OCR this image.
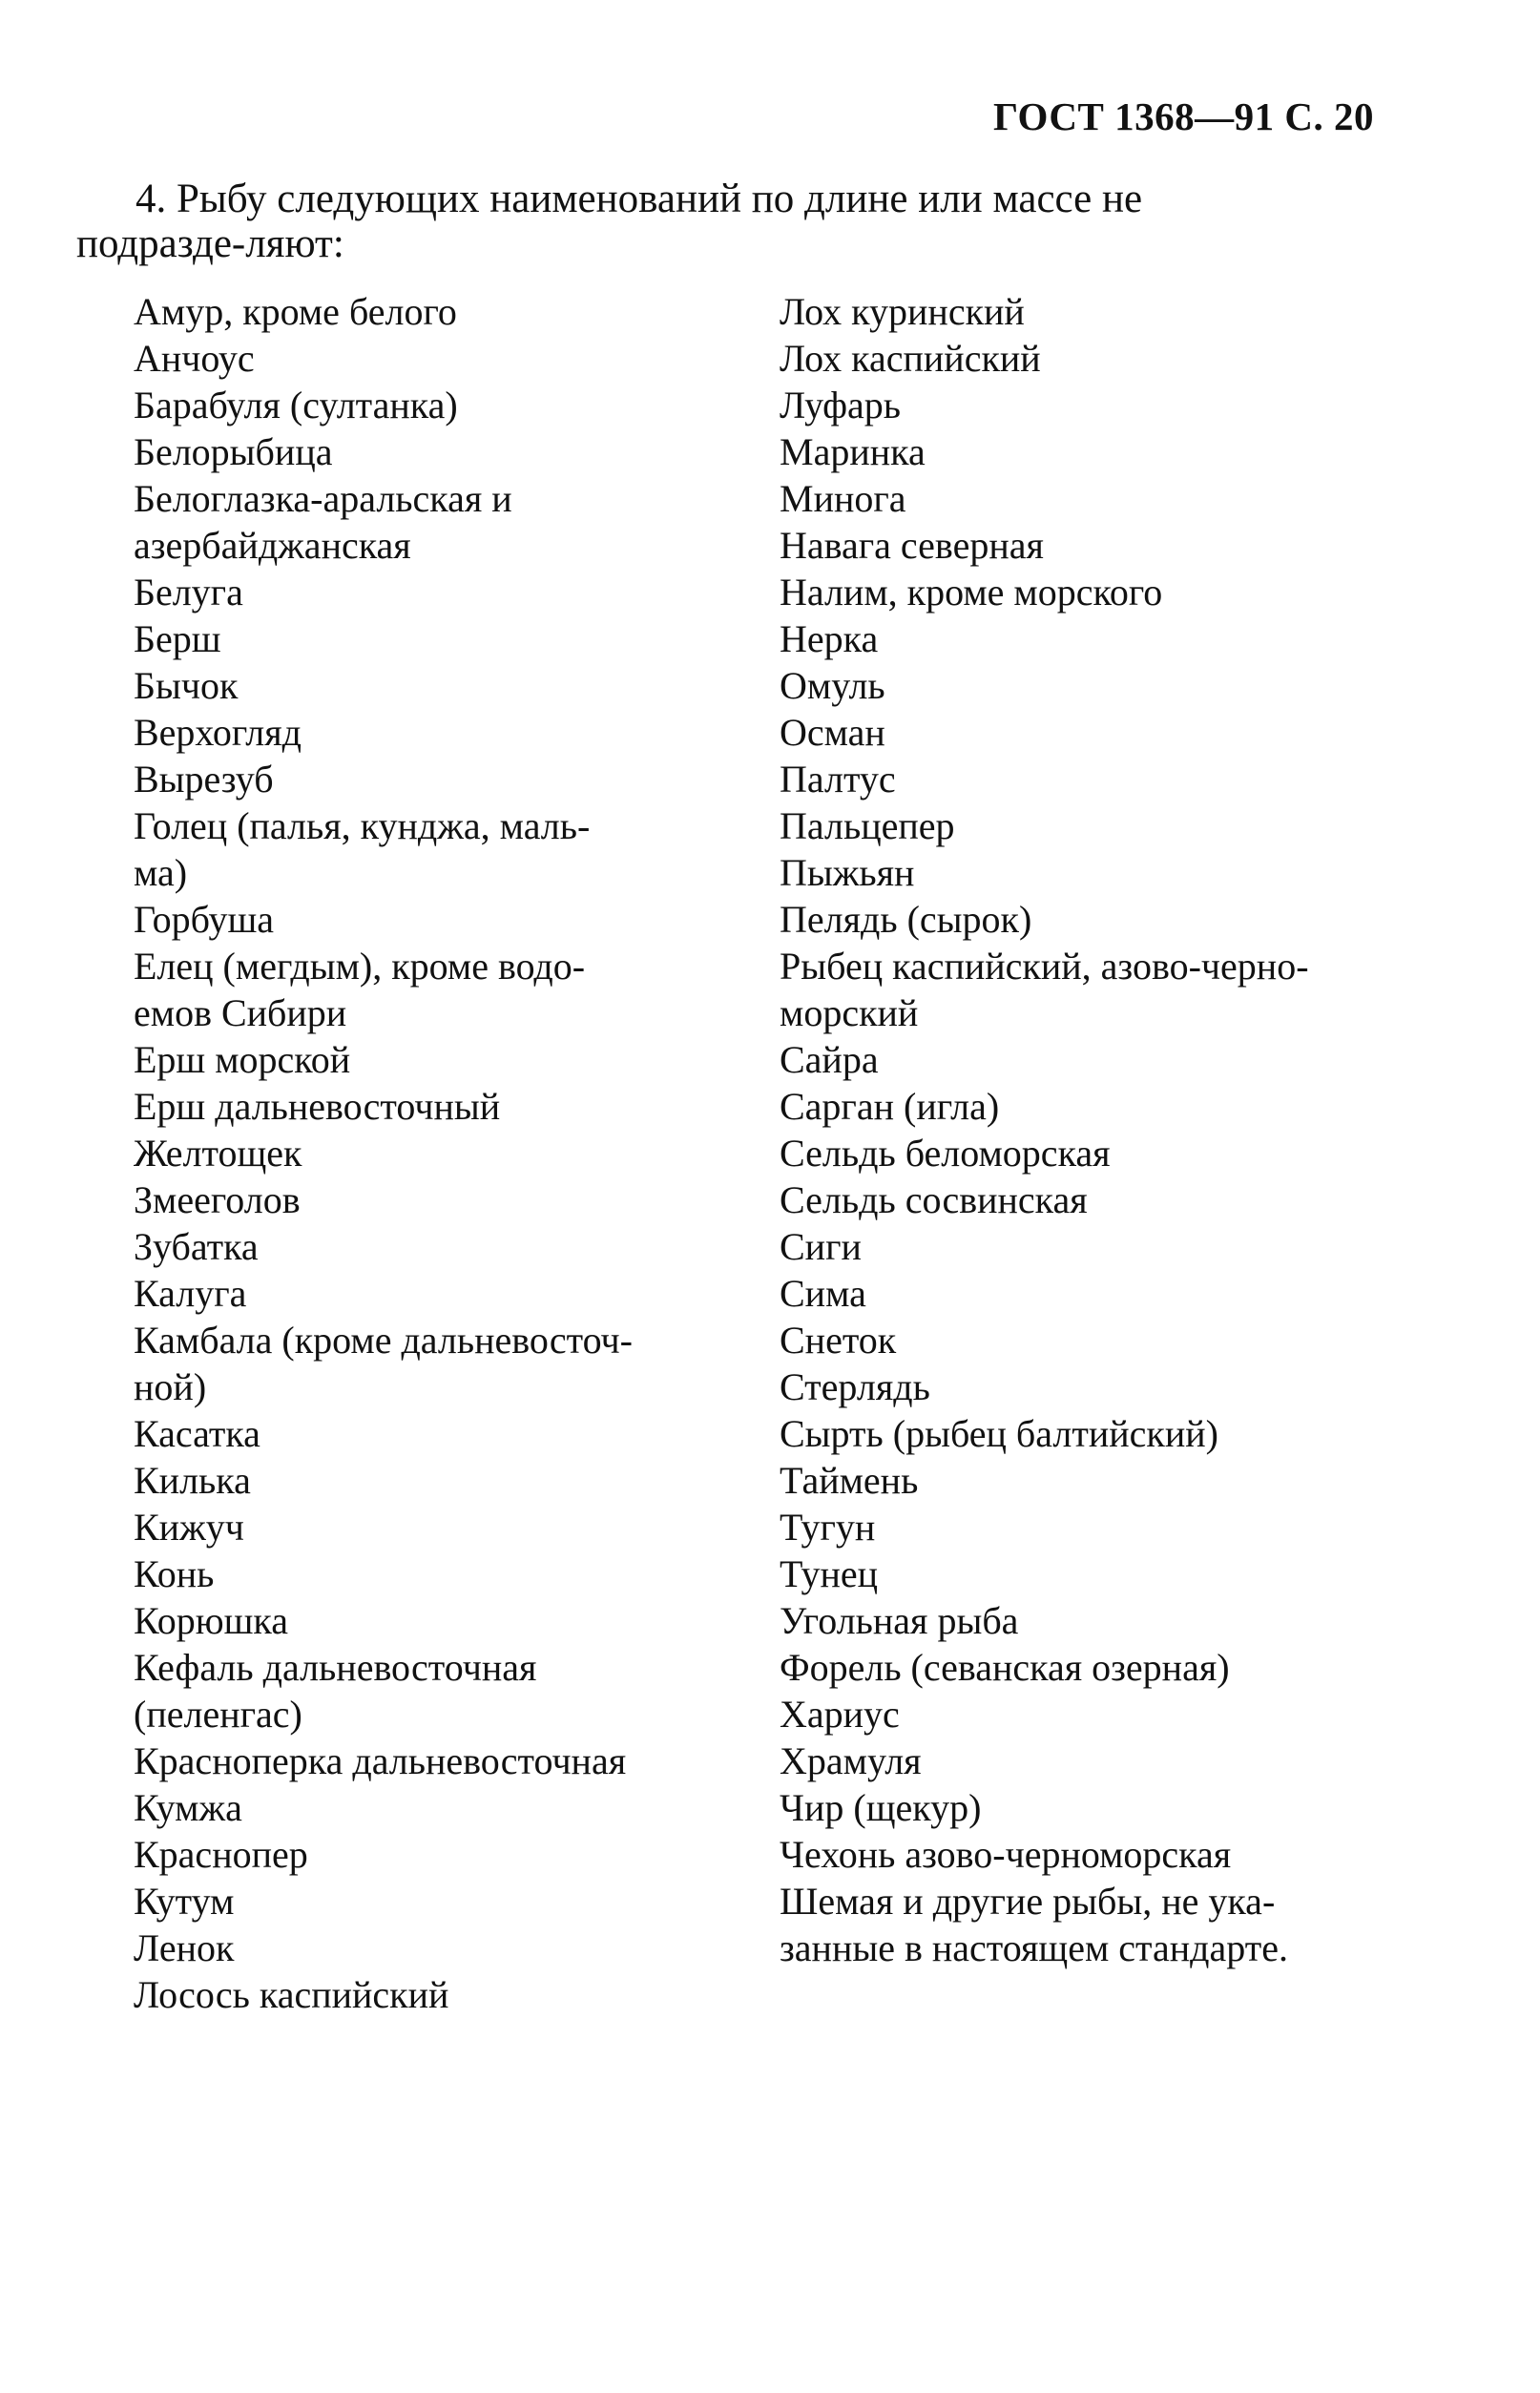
ГОСТ 1368—91 С. 20
4. Рыбу следующих наименований по длине или массе не подразде-ляют:
Амур, кроме белого
Анчоус
Барабуля (султанка)
Белорыбица
Белоглазка-аральская и
азербайджанская
Белуга
Берш
Бычок
Верхогляд
Вырезуб
Голец (палья, кунджа, маль-
ма)
Горбуша
Елец (мегдым), кроме водо-
емов Сибири
Ерш морской
Ерш дальневосточный
Желтощек
Змееголов
Зубатка
Калуга
Камбала (кроме дальневосточ-
ной)
Касатка
Килька
Кижуч
Конь
Корюшка
Кефаль дальневосточная
(пеленгас)
Красноперка дальневосточная
Кумжа
Краснопер
Кутум
Ленок
Лосось каспийский
Лох куринский
Лох каспийский
Луфарь
Маринка
Минога
Навага северная
Налим, кроме морского
Нерка
Омуль
Осман
Палтус
Пальцепер
Пыжьян
Пелядь (сырок)
Рыбец каспийский, азово-черно-
морский
Сайра
Сарган (игла)
Сельдь беломорская
Сельдь сосвинская
Сиги
Сима
Снеток
Стерлядь
Сырть (рыбец балтийский)
Таймень
Тугун
Тунец
Угольная рыба
Форель (севанская озерная)
Хариус
Храмуля
Чир (щекур)
Чехонь азово-черноморская
Шемая и другие рыбы, не ука-
занные в настоящем стандарте.
